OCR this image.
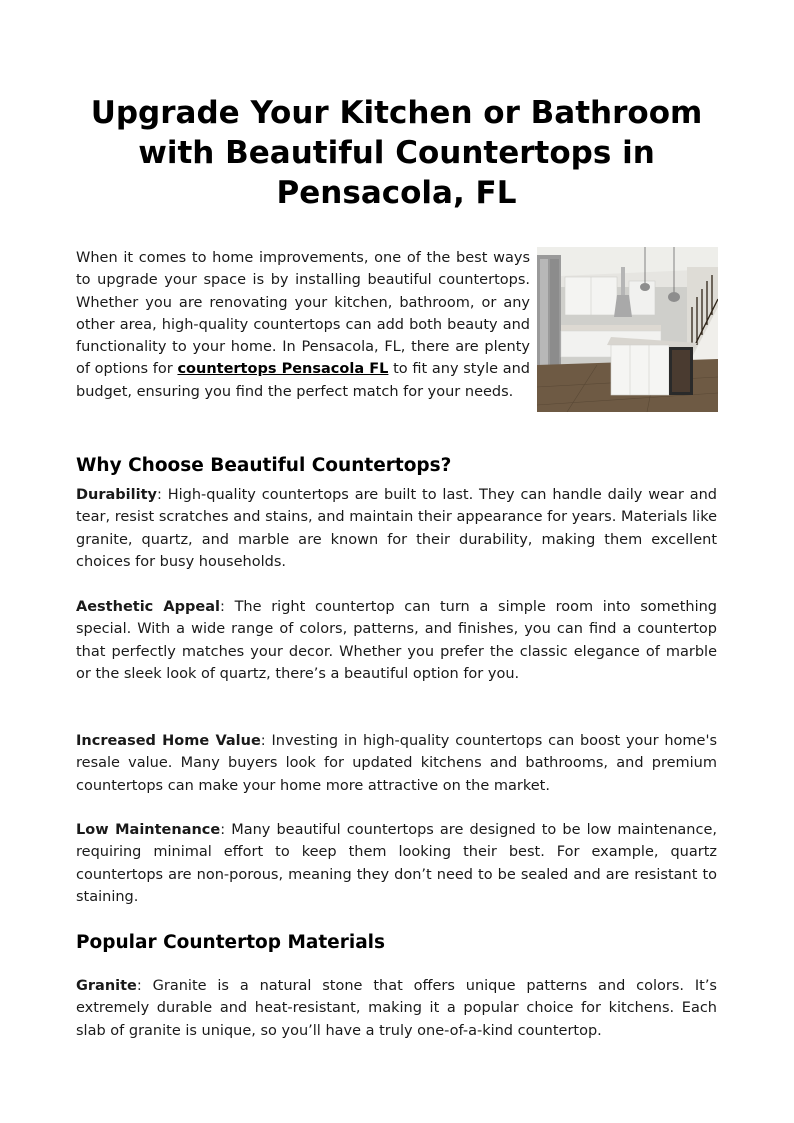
Upgrade Your Kitchen or Bathroom with Beautiful Countertops in Pensacola, FL

When it comes to home improvements, one of the best ways to upgrade your space is by installing beautiful countertops. Whether you are renovating your kitchen, bathroom, or any other area, high-quality countertops can add both beauty and functionality to your home. In Pensacola, FL, there are plenty of options for countertops Pensacola FL to fit any style and budget, ensuring you find the perfect match for your needs.

Why Choose Beautiful Countertops?

Durability: High-quality countertops are built to last. They can handle daily wear and tear, resist scratches and stains, and maintain their appearance for years. Materials like granite, quartz, and marble are known for their durability, making them excellent choices for busy households.

Aesthetic Appeal: The right countertop can turn a simple room into something special. With a wide range of colors, patterns, and finishes, you can find a countertop that perfectly matches your decor. Whether you prefer the classic elegance of marble or the sleek look of quartz, there’s a beautiful option for you.

Increased Home Value: Investing in high-quality countertops can boost your home's resale value. Many buyers look for updated kitchens and bathrooms, and premium countertops can make your home more attractive on the market.

Low Maintenance: Many beautiful countertops are designed to be low maintenance, requiring minimal effort to keep them looking their best. For example, quartz countertops are non-porous, meaning they don’t need to be sealed and are resistant to staining.

Popular Countertop Materials

Granite: Granite is a natural stone that offers unique patterns and colors. It’s extremely durable and heat-resistant, making it a popular choice for kitchens. Each slab of granite is unique, so you’ll have a truly one-of-a-kind countertop.
